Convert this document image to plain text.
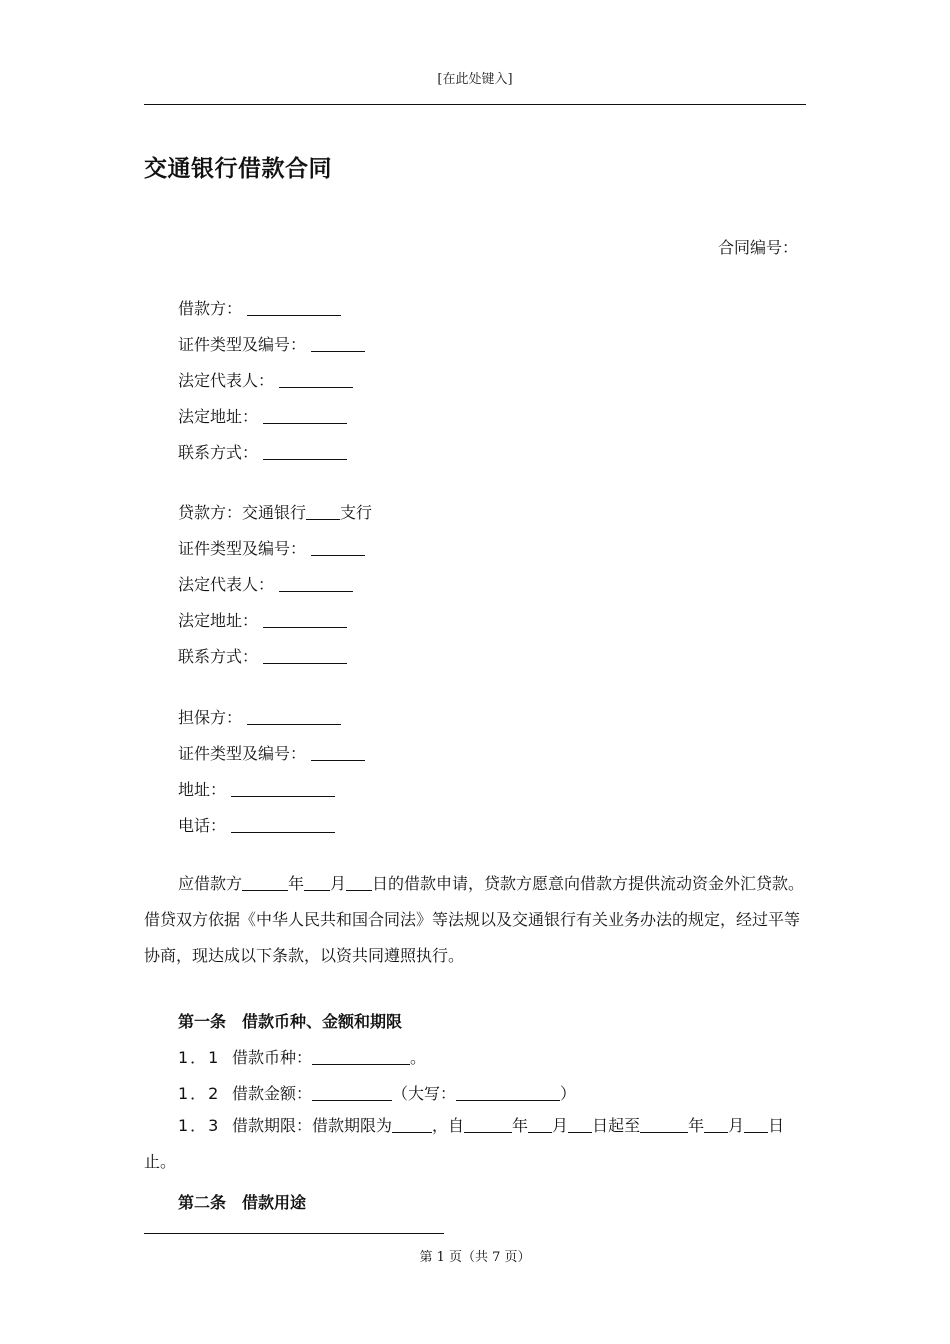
[在此处键入]
交通银行借款合同
合同编号：
借款方：
证件类型及编号：
法定代表人：
法定地址：
联系方式：
贷款方：交通银行 支行
证件类型及编号：
法定代表人：
法定地址：
联系方式：
担保方：
证件类型及编号：
地址：
电话：
应借款方	年 月 日的借款申请，贷款方愿意向借款方提供流动资金外汇贷款。借贷双方依据《中华人民共和国合同法》等法规以及交通银行有关业务办法的规定，经过平等协商，现达成以下条款，以资共同遵照执行。
第一条　借款币种、金额和期限
1．1 借款币种：	。
1．2 借款金额：	（大写：	）
1．3 借款期限：借款期限为	，自	年 月 日起至	年 月 日止。
第二条　借款用途
第 1 页（共 7 页）
